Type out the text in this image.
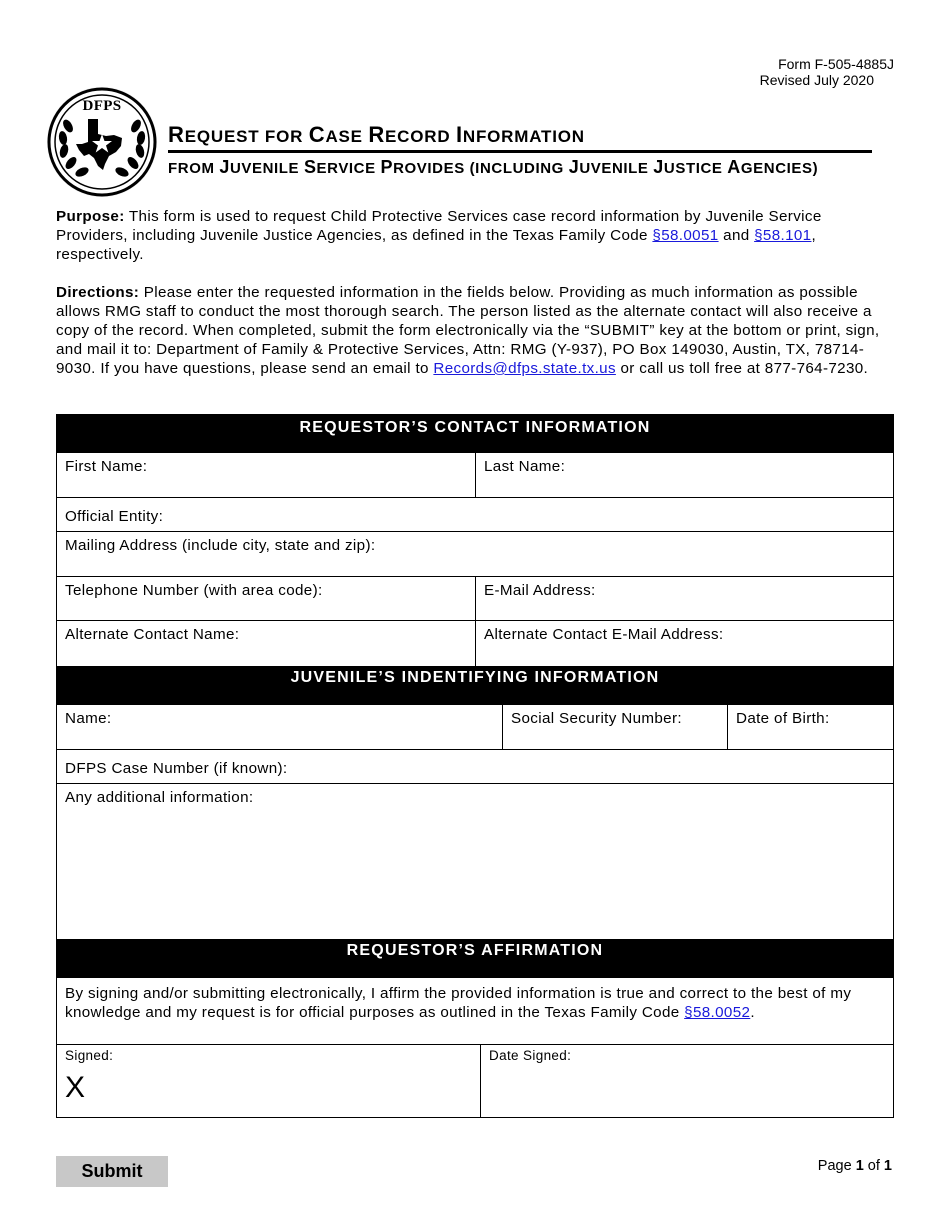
Form F-505-4885J
Revised July 2020
DFPS
REQUEST FOR CASE RECORD INFORMATION
FROM JUVENILE SERVICE PROVIDES (INCLUDING JUVENILE JUSTICE AGENCIES)
Purpose: This form is used to request Child Protective Services case record information by Juvenile Service Providers, including Juvenile Justice Agencies, as defined in the Texas Family Code §58.0051 and §58.101, respectively.
Directions: Please enter the requested information in the fields below. Providing as much information as possible allows RMG staff to conduct the most thorough search. The person listed as the alternate contact will also receive a copy of the record. When completed, submit the form electronically via the “SUBMIT” key at the bottom or print, sign, and mail it to: Department of Family & Protective Services, Attn: RMG (Y-937), PO Box 149030, Austin, TX, 78714-9030. If you have questions, please send an email to Records@dfps.state.tx.us or call us toll free at 877-764-7230.
REQUESTOR’S CONTACT INFORMATION
First Name:	Last Name:
Official Entity:
Mailing Address (include city, state and zip):
Telephone Number (with area code):	E-Mail Address:
Alternate Contact Name:	Alternate Contact E-Mail Address:
JUVENILE’S INDENTIFYING INFORMATION
Name:	Social Security Number:	Date of Birth:
DFPS Case Number (if known):
Any additional information:
REQUESTOR’S AFFIRMATION
By signing and/or submitting electronically, I affirm the provided information is true and correct to the best of my knowledge and my request is for official purposes as outlined in the Texas Family Code §58.0052.
Signed:
X
Date Signed:
Submit	Page 1 of 1
